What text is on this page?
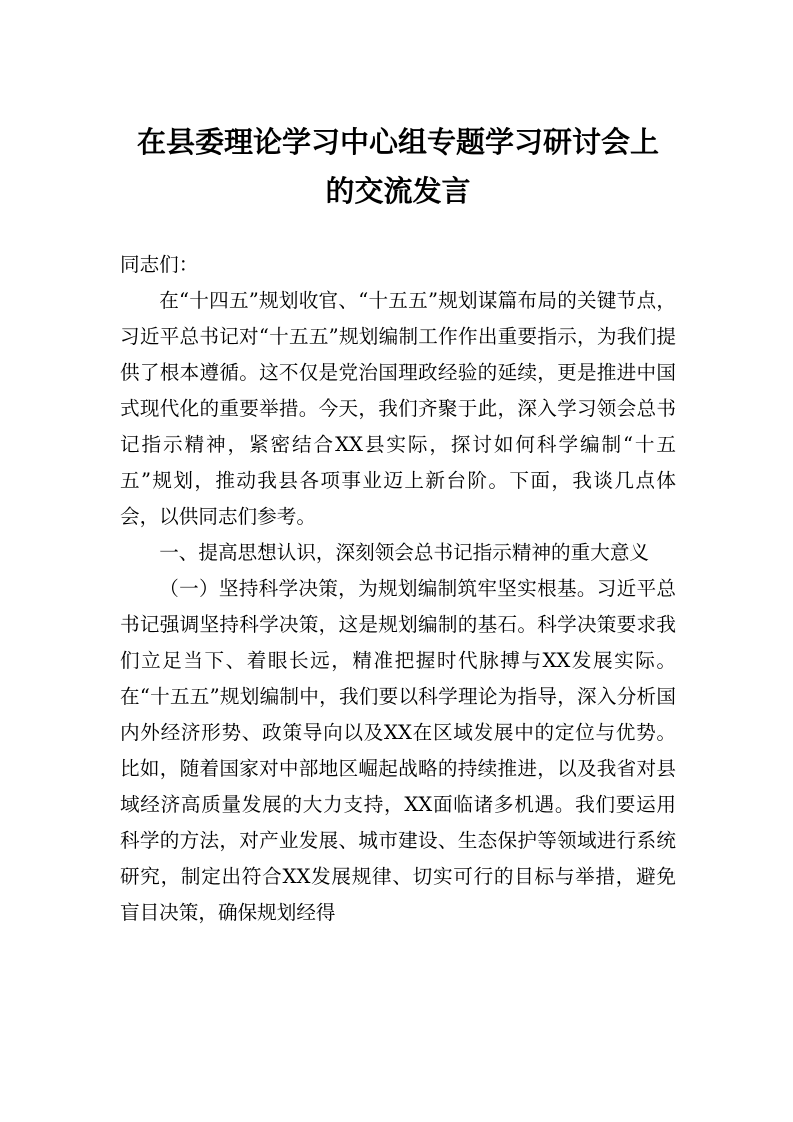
在县委理论学习中心组专题学习研讨会上
的交流发言

同志们：

在“十四五”规划收官、“十五五”规划谋篇布局的关键节点，习近平总书记对“十五五”规划编制工作作出重要指示，为我们提供了根本遵循。这不仅是党治国理政经验的延续，更是推进中国式现代化的重要举措。今天，我们齐聚于此，深入学习领会总书记指示精神，紧密结合XX县实际，探讨如何科学编制“十五五”规划，推动我县各项事业迈上新台阶。下面，我谈几点体会，以供同志们参考。

一、提高思想认识，深刻领会总书记指示精神的重大意义

（一）坚持科学决策，为规划编制筑牢坚实根基。习近平总书记强调坚持科学决策，这是规划编制的基石。科学决策要求我们立足当下、着眼长远，精准把握时代脉搏与XX发展实际。在“十五五”规划编制中，我们要以科学理论为指导，深入分析国内外经济形势、政策导向以及XX在区域发展中的定位与优势。比如，随着国家对中部地区崛起战略的持续推进，以及我省对县域经济高质量发展的大力支持，XX面临诸多机遇。我们要运用科学的方法，对产业发展、城市建设、生态保护等领域进行系统研究，制定出符合XX发展规律、切实可行的目标与举措，避免盲目决策，确保规划经得
